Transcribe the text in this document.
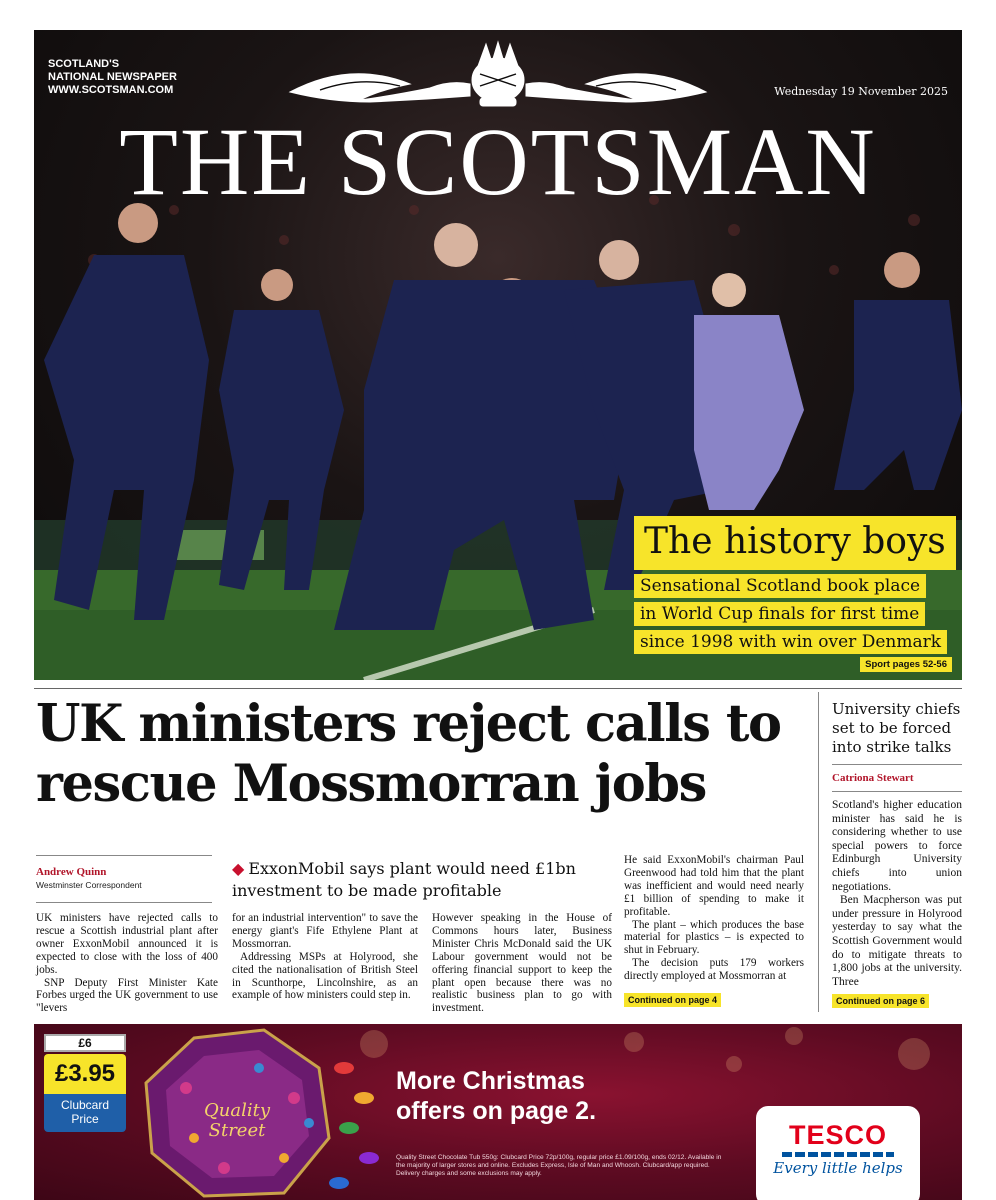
SCOTLAND'S
NATIONAL NEWSPAPER
WWW.SCOTSMAN.COM	Wednesday 19 November 2025
THE SCOTSMAN
The history boys
Sensational Scotland book place
in World Cup finals for first time
since 1998 with win over Denmark
Sport pages 52-56
UK ministers reject calls to rescue Mossmorran jobs
Andrew Quinn
Westminster Correspondent
◆ ExxonMobil says plant would need £1bn investment to be made profitable

UK ministers have rejected calls to rescue a Scottish industrial plant after owner ExxonMobil announced it is expected to close with the loss of 400 jobs.

SNP Deputy First Minister Kate Forbes urged the UK government to use "levers

for an industrial intervention" to save the energy giant's Fife Ethylene Plant at Mossmorran.

Addressing MSPs at Holyrood, she cited the nationalisation of British Steel in Scunthorpe, Lincolnshire, as an example of how ministers could step in.

However speaking in the House of Commons hours later, Business Minister Chris McDonald said the UK Labour government would not be offering financial support to keep the plant open because there was no realistic business plan to go with investment.

He said ExxonMobil's chairman Paul Greenwood had told him that the plant was inefficient and would need nearly £1 billion of spending to make it profitable.

The plant – which produces the base material for plastics – is expected to shut in February.

The decision puts 179 workers directly employed at Mossmorran at

Continued on page 4
University chiefs set to be forced into strike talks
Catriona Stewart

Scotland's higher education minister has said he is considering whether to use special powers to force Edinburgh University chiefs into union negotiations.

Ben Macpherson was put under pressure in Holyrood yesterday to say what the Scottish Government would do to mitigate threats to 1,800 jobs at the university. Three

Continued on page 6
£6
£3.95
Clubcard
Price	Quality
Street
More Christmas
offers on page 2.
Quality Street Chocolate Tub 550g: Clubcard Price 72p/100g, regular price £1.09/100g, ends 02/12. Available in the majority of larger stores and online. Excludes Express, Isle of Man and Whoosh. Clubcard/app required. Delivery charges and some exclusions may apply.
TESCO
Every little helps
